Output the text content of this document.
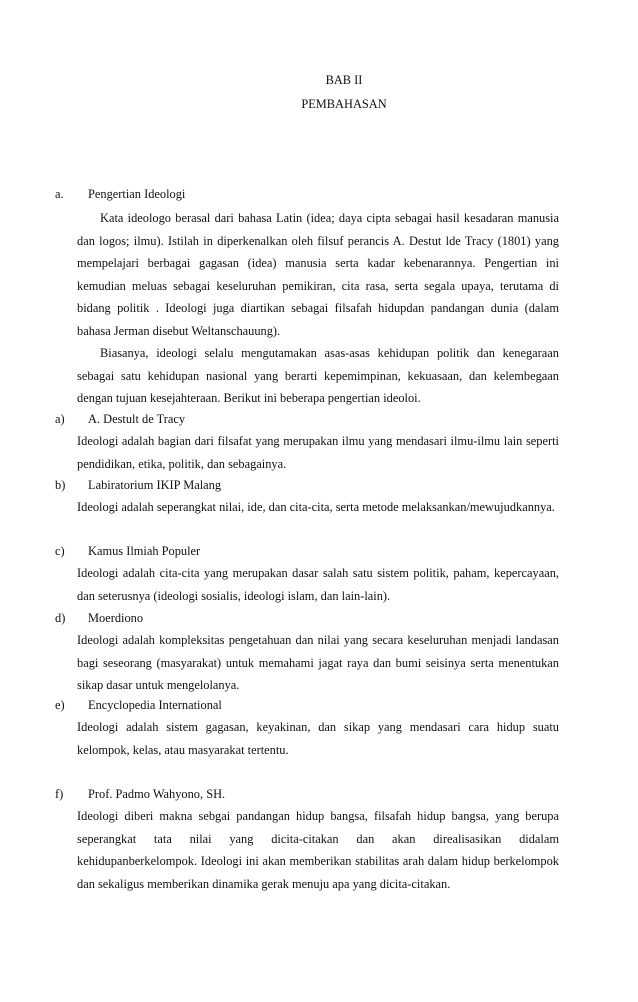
BAB II
PEMBAHASAN
a. Pengertian Ideologi

Kata ideologo berasal dari bahasa Latin (idea; daya cipta sebagai hasil kesadaran manusia dan logos; ilmu). Istilah in diperkenalkan oleh filsuf perancis A. Destut lde Tracy (1801) yang mempelajari berbagai gagasan (idea) manusia serta kadar kebenarannya. Pengertian ini kemudian meluas sebagai keseluruhan pemikiran, cita rasa, serta segala upaya, terutama di bidang politik . Ideologi juga diartikan sebagai filsafah hidupdan pandangan dunia (dalam bahasa Jerman disebut Weltanschauung).

Biasanya, ideologi selalu mengutamakan asas-asas kehidupan politik dan kenegaraan sebagai satu kehidupan nasional yang berarti kepemimpinan, kekuasaan, dan kelembegaan dengan tujuan kesejahteraan. Berikut ini beberapa pengertian ideoloi.

a) A. Destult de Tracy
Ideologi adalah bagian dari filsafat yang merupakan ilmu yang mendasari ilmu-ilmu lain seperti pendidikan, etika, politik, dan sebagainya.
b) Labiratorium IKIP Malang
Ideologi adalah seperangkat nilai, ide, dan cita-cita, serta metode melaksankan/mewujudkannya.
c) Kamus Ilmiah Populer
Ideologi adalah cita-cita yang merupakan dasar salah satu sistem politik, paham, kepercayaan, dan seterusnya (ideologi sosialis, ideologi islam, dan lain-lain).
d) Moerdiono
Ideologi adalah kompleksitas pengetahuan dan nilai yang secara keseluruhan menjadi landasan bagi seseorang (masyarakat) untuk memahami jagat raya dan bumi seisinya serta menentukan sikap dasar untuk mengelolanya.
e) Encyclopedia International
Ideologi adalah sistem gagasan, keyakinan, dan sikap yang mendasari cara hidup suatu kelompok, kelas, atau masyarakat tertentu.
f) Prof. Padmo Wahyono, SH.
Ideologi diberi makna sebgai pandangan hidup bangsa, filsafah hidup bangsa, yang berupa seperangkat tata nilai yang dicita-citakan dan akan direalisasikan didalam kehidupanberkelompok. Ideologi ini akan memberikan stabilitas arah dalam hidup berkelompok dan sekaligus memberikan dinamika gerak menuju apa yang dicita-citakan.
